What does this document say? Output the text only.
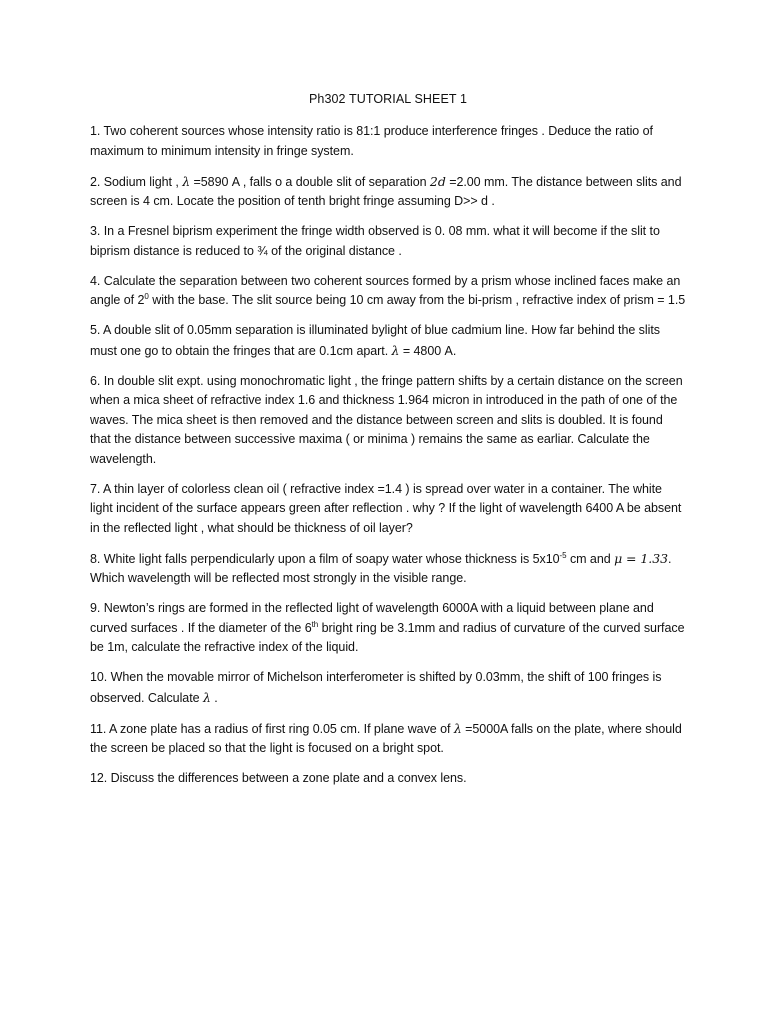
Ph302 TUTORIAL SHEET 1

1. Two coherent sources whose intensity ratio is 81:1 produce interference fringes . Deduce the ratio of maximum to minimum intensity in fringe system.

2. Sodium light , λ =5890 A , falls o a double slit of separation 2d =2.00 mm. The distance between slits and screen is 4 cm. Locate the position of tenth bright fringe assuming D>> d .

3. In a Fresnel biprism experiment the fringe width observed is 0. 08 mm. what it will become if the slit to biprism distance is reduced to ¾ of the original distance .

4. Calculate the separation between two coherent sources formed by a prism whose inclined faces make an angle of $2^0$ with the base. The slit source being 10 cm away from the bi-prism , refractive index of prism = 1.5

5. A double slit of 0.05mm separation is illuminated bylight of blue cadmium line. How far behind the slits must one go to obtain the fringes that are 0.1cm apart. λ = 4800 A.

6. In double slit expt. using monochromatic light , the fringe pattern shifts by a certain distance on the screen when a mica sheet of refractive index 1.6 and thickness 1.964 micron in introduced in the path of one of the waves. The mica sheet is then removed and the distance between screen and slits is doubled. It is found that the distance between successive maxima ( or minima ) remains the same as earliar. Calculate the wavelength.

7. A thin layer of colorless clean oil ( refractive index =1.4 ) is spread over water in a container. The white light incident of the surface appears green after reflection . why ? If the light of wavelength 6400 A be absent in the reflected light , what should be thickness of oil layer?

8. White light falls perpendicularly upon a film of soapy water whose thickness is $5x10^{-5}$ cm and μ = 1.33. Which wavelength will be reflected most strongly in the visible range.

9. Newton’s rings are formed in the reflected light of wavelength 6000A with a liquid between plane and curved surfaces . If the diameter of the 6th bright ring be 3.1mm and radius of curvature of the curved surface be 1m, calculate the refractive index of the liquid.

10. When the movable mirror of Michelson interferometer is shifted by 0.03mm, the shift of 100 fringes is observed. Calculate λ .

11. A zone plate has a radius of first ring 0.05 cm. If plane wave of λ =5000A falls on the plate, where should the screen be placed so that the light is focused on a bright spot.

12. Discuss the differences between a zone plate and a convex lens.
